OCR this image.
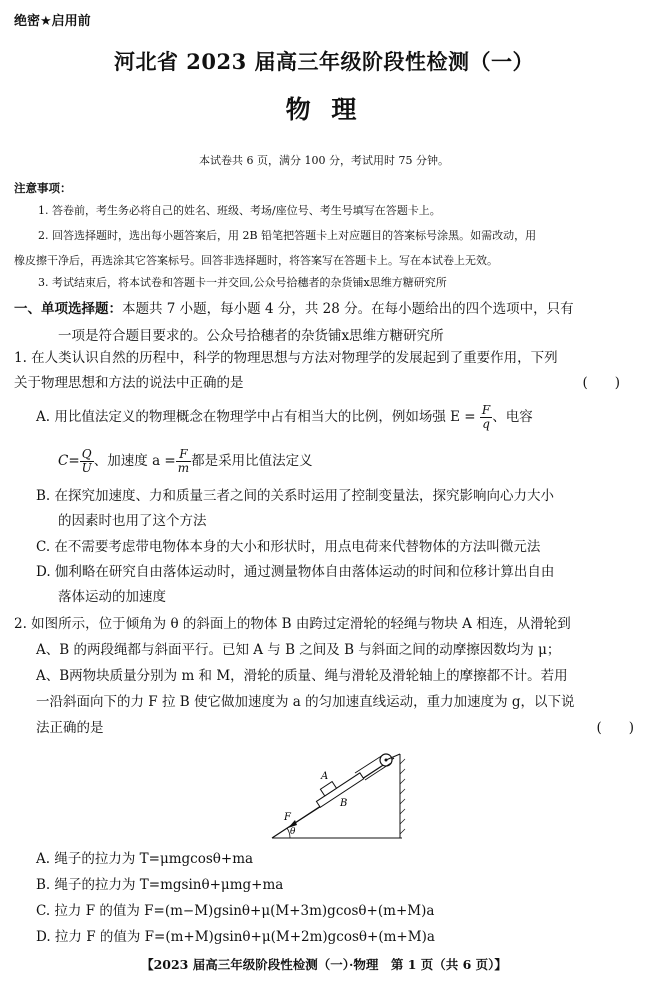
绝密★启用前
河北省 2023 届高三年级阶段性检测（一）
物 理
本试卷共 6 页，满分 100 分，考试用时 75 分钟。
注意事项：
1. 答卷前，考生务必将自己的姓名、班级、考场/座位号、考生号填写在答题卡上。
2. 回答选择题时，选出每小题答案后，用 2B 铅笔把答题卡上对应题目的答案标号涂黑。如需改动，用
橡皮擦干净后，再选涂其它答案标号。回答非选择题时，将答案写在答题卡上。写在本试卷上无效。
3. 考试结束后，将本试卷和答题卡一并交回,公众号拾穗者的杂货铺x思维方糖研究所
一、单项选择题：本题共 7 小题，每小题 4 分，共 28 分。在每小题给出的四个选项中，只有
一项是符合题目要求的。公众号拾穗者的杂货铺x思维方糖研究所
1. 在人类认识自然的历程中，科学的物理思想与方法对物理学的发展起到了重要作用，下列
关于物理思想和方法的说法中正确的是	(　　)
A. 用比值法定义的物理概念在物理学中占有相当大的比例，例如场强 $E = \frac{F}{q}$ 、电容
$C= \frac{Q}{U}$ 、加速度 $a = \frac{F}{m}$ 都是采用比值法定义
B. 在探究加速度、力和质量三者之间的关系时运用了控制变量法，探究影响向心力大小
的因素时也用了这个方法
C. 在不需要考虑带电物体本身的大小和形状时，用点电荷来代替物体的方法叫微元法
D. 伽利略在研究自由落体运动时，通过测量物体自由落体运动的时间和位移计算出自由
落体运动的加速度
2. 如图所示，位于倾角为 θ 的斜面上的物体 B 由跨过定滑轮的轻绳与物块 A 相连，从滑轮到
A、B 的两段绳都与斜面平行。已知 A 与 B 之间及 B 与斜面之间的动摩擦因数均为 μ；
A、B两物块质量分别为 m 和 M，滑轮的质量、绳与滑轮及滑轮轴上的摩擦都不计。若用
一沿斜面向下的力 F 拉 B 使它做加速度为 a 的匀加速直线运动，重力加速度为 g，以下说
法正确的是	(　　)
A
B
F
θ
A. 绳子的拉力为 T=μmgcosθ+ma
B. 绳子的拉力为 T=mgsinθ+μmg+ma
C. 拉力 F 的值为 F=(m−M)gsinθ+μ(M+3m)gcosθ+(m+M)a
D. 拉力 F 的值为 F=(m+M)gsinθ+μ(M+2m)gcosθ+(m+M)a
【2023 届高三年级阶段性检测（一）·物理　第 1 页（共 6 页）】
